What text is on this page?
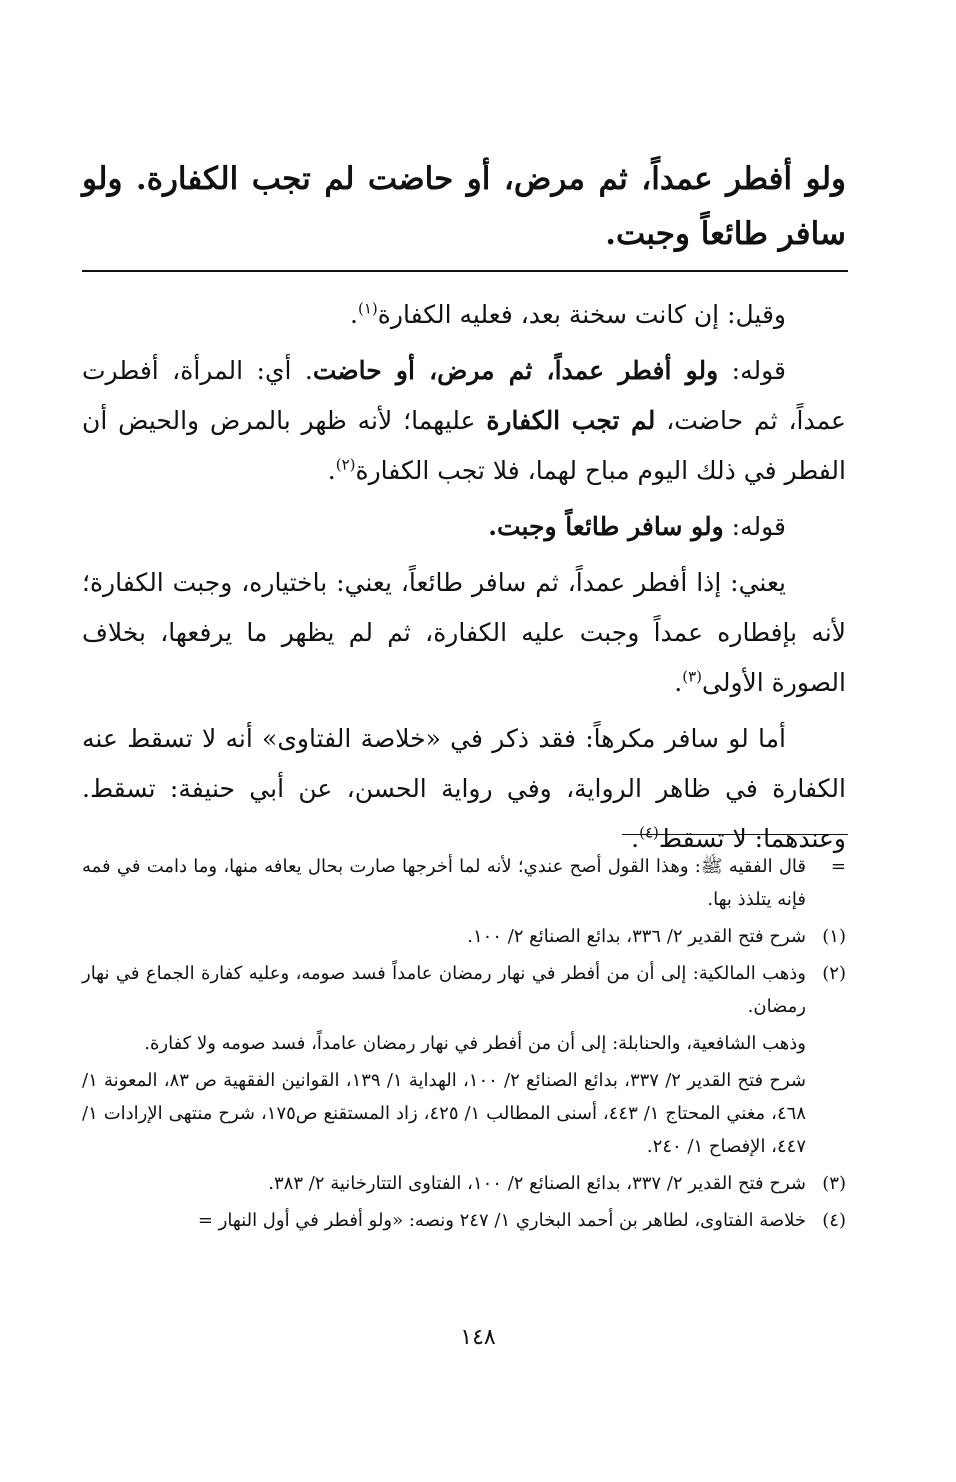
ولو أفطر عمداً، ثم مرض، أو حاضت لم تجب الكفارة. ولو سافر طائعاً وجبت.

وقيل: إن كانت سخنة بعد، فعليه الكفارة$^{(١)}$.

قوله: ولو أفطر عمداً، ثم مرض، أو حاضت. أي: المرأة، أفطرت عمداً، ثم حاضت، لم تجب الكفارة عليهما؛ لأنه ظهر بالمرض والحيض أن الفطر في ذلك اليوم مباح لهما، فلا تجب الكفارة$^{(٢)}$.

قوله: ولو سافر طائعاً وجبت.

يعني: إذا أفطر عمداً، ثم سافر طائعاً، يعني: باختياره، وجبت الكفارة؛ لأنه بإفطاره عمداً وجبت عليه الكفارة، ثم لم يظهر ما يرفعها، بخلاف الصورة الأولى$^{(٣)}$.

أما لو سافر مكرهاً: فقد ذكر في «خلاصة الفتاوى» أنه لا تسقط عنه الكفارة في ظاهر الرواية، وفي رواية الحسن، عن أبي حنيفة: تسقط. وعندهما: لا تسقط$^{(٤)}$.

=
قال الفقيه ﷺ: وهذا القول أصح عندي؛ لأنه لما أخرجها صارت بحال يعافه منها، وما دامت في فمه فإنه يتلذذ بها.
(١)
شرح فتح القدير ٢/ ٣٣٦، بدائع الصنائع ٢/ ١٠٠.
(٢)
وذهب المالكية: إلى أن من أفطر في نهار رمضان عامداً فسد صومه، وعليه كفارة الجماع في نهار رمضان.
وذهب الشافعية، والحنابلة: إلى أن من أفطر في نهار رمضان عامداً، فسد صومه ولا كفارة.
شرح فتح القدير ٢/ ٣٣٧، بدائع الصنائع ٢/ ١٠٠، الهداية ١/ ١٣٩، القوانين الفقهية ص ٨٣، المعونة ١/ ٤٦٨، مغني المحتاج ١/ ٤٤٣، أسنى المطالب ١/ ٤٢٥، زاد المستقنع ص١٧٥، شرح منتهى الإرادات ١/ ٤٤٧، الإفصاح ١/ ٢٤٠.
(٣)
شرح فتح القدير ٢/ ٣٣٧، بدائع الصنائع ٢/ ١٠٠، الفتاوى التتارخانية ٢/ ٣٨٣.
(٤)
خلاصة الفتاوى، لطاهر بن أحمد البخاري ١/ ٢٤٧ ونصه: «ولو أفطر في أول النهار =
١٤٨
